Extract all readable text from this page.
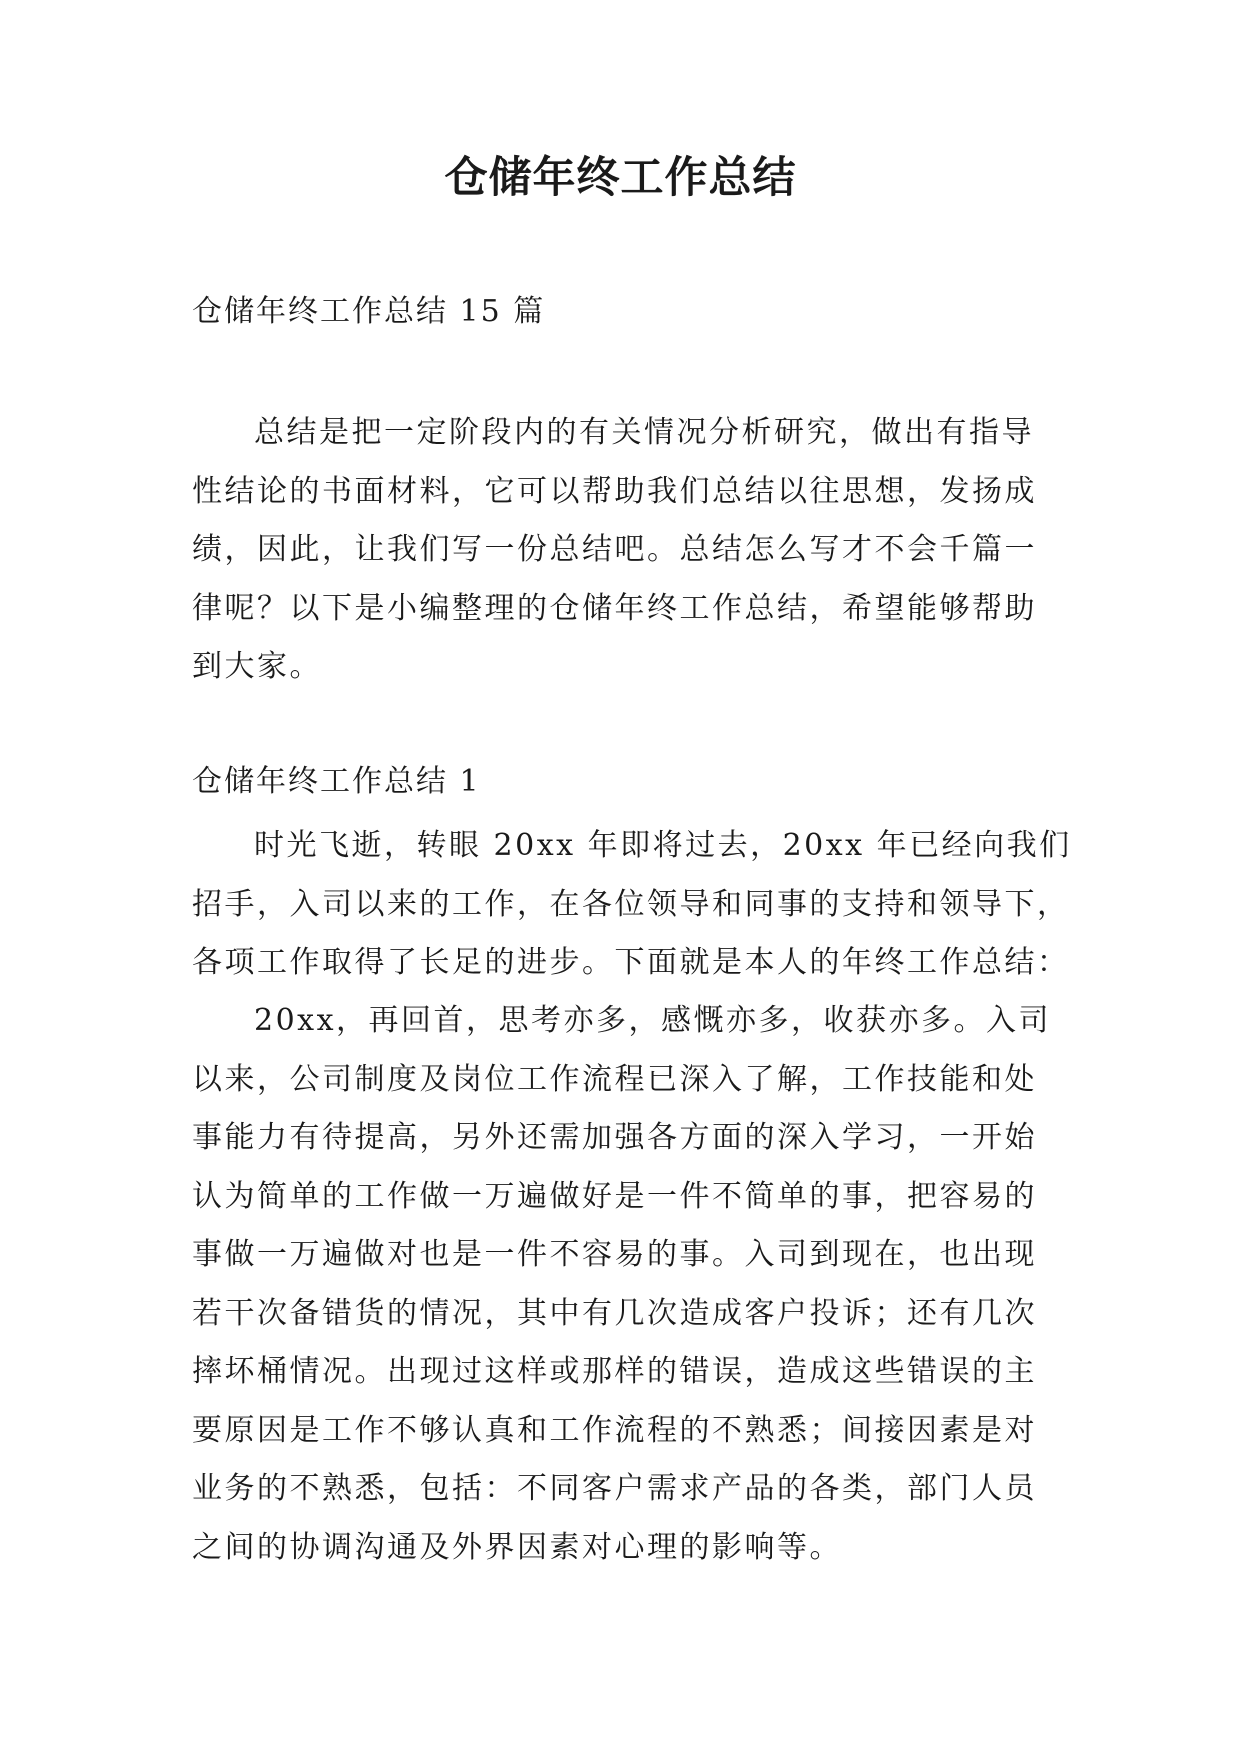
仓储年终工作总结

仓储年终工作总结 15 篇

总结是把一定阶段内的有关情况分析研究，做出有指导
性结论的书面材料，它可以帮助我们总结以往思想，发扬成
绩，因此，让我们写一份总结吧。总结怎么写才不会千篇一
律呢？以下是小编整理的仓储年终工作总结，希望能够帮助
到大家。

仓储年终工作总结 1

时光飞逝，转眼 20xx 年即将过去，20xx 年已经向我们
招手，入司以来的工作，在各位领导和同事的支持和领导下，
各项工作取得了长足的进步。下面就是本人的年终工作总结：

20xx，再回首，思考亦多，感慨亦多，收获亦多。入司
以来，公司制度及岗位工作流程已深入了解，工作技能和处
事能力有待提高，另外还需加强各方面的深入学习，一开始
认为简单的工作做一万遍做好是一件不简单的事，把容易的
事做一万遍做对也是一件不容易的事。入司到现在，也出现
若干次备错货的情况，其中有几次造成客户投诉；还有几次
摔坏桶情况。出现过这样或那样的错误，造成这些错误的主
要原因是工作不够认真和工作流程的不熟悉；间接因素是对
业务的不熟悉，包括：不同客户需求产品的各类，部门人员
之间的协调沟通及外界因素对心理的影响等。
